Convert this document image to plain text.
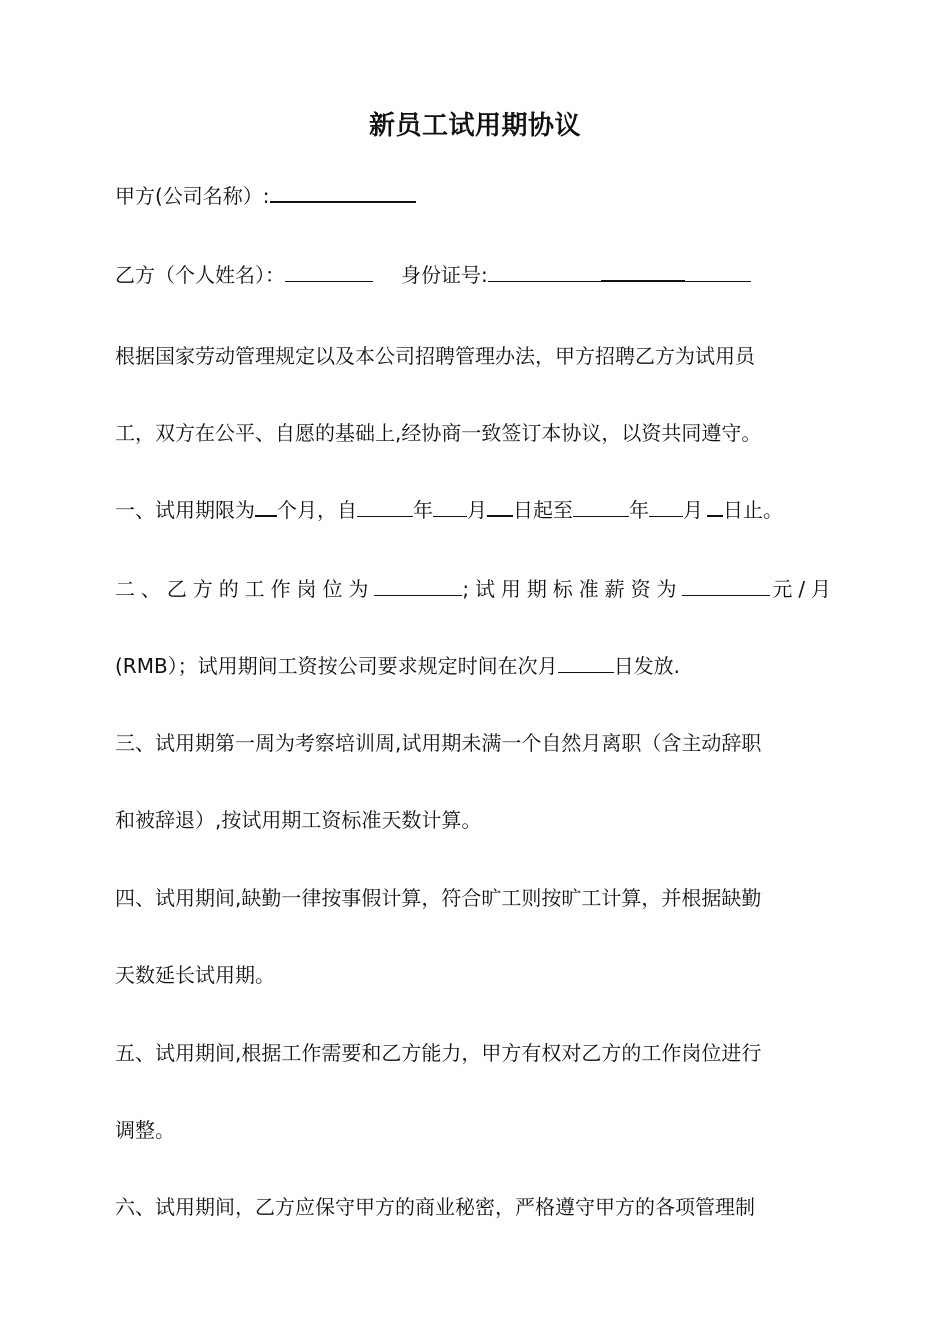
新员工试用期协议
甲方(公司名称）:
乙方（个人姓名）：	身份证号:
根据国家劳动管理规定以及本公司招聘管理办法，甲方招聘乙方为试用员
工，双方在公平、自愿的基础上,经协商一致签订本协议，以资共同遵守。
一、试用期限为 个月，自	年 月 日起至	年 月 日止。
二、乙方的工作岗位为	;试用期标准薪资为	元/月
(RMB）；试用期间工资按公司要求规定时间在次月	日发放.
三、试用期第一周为考察培训周,试用期未满一个自然月离职（含主动辞职
和被辞退）,按试用期工资标准天数计算。
四、试用期间,缺勤一律按事假计算，符合旷工则按旷工计算，并根据缺勤
天数延长试用期。
五、试用期间,根据工作需要和乙方能力，甲方有权对乙方的工作岗位进行
调整。
六、试用期间，乙方应保守甲方的商业秘密，严格遵守甲方的各项管理制
